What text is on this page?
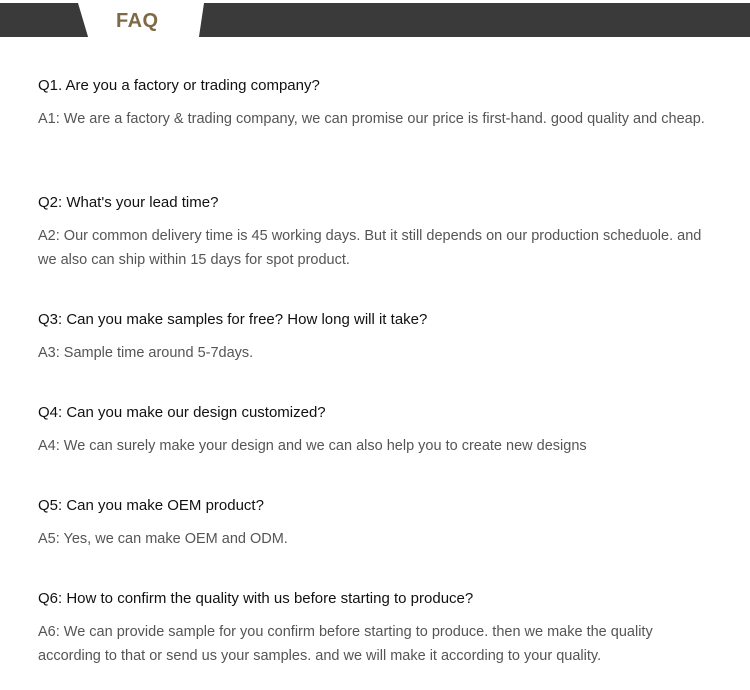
FAQ

Q1. Are you a factory or trading company?

A1: We are a factory & trading company, we can promise our price is first-hand. good quality and cheap.

Q2: What's your lead time?

A2: Our common delivery time is 45 working days. But it still depends on our production scheduole. and we also can ship within 15 days for spot product.

Q3: Can you make samples for free? How long will it take?

A3: Sample time around 5-7days.

Q4: Can you make our design customized?

A4: We can surely make your design and we can also help you to create new designs

Q5: Can you make OEM product?

A5: Yes, we can make OEM and ODM.

Q6: How to confirm the quality with us before starting to produce?

A6: We can provide sample for you confirm before starting to produce. then we make the quality according to that or send us your samples. and we will make it according to your quality.
